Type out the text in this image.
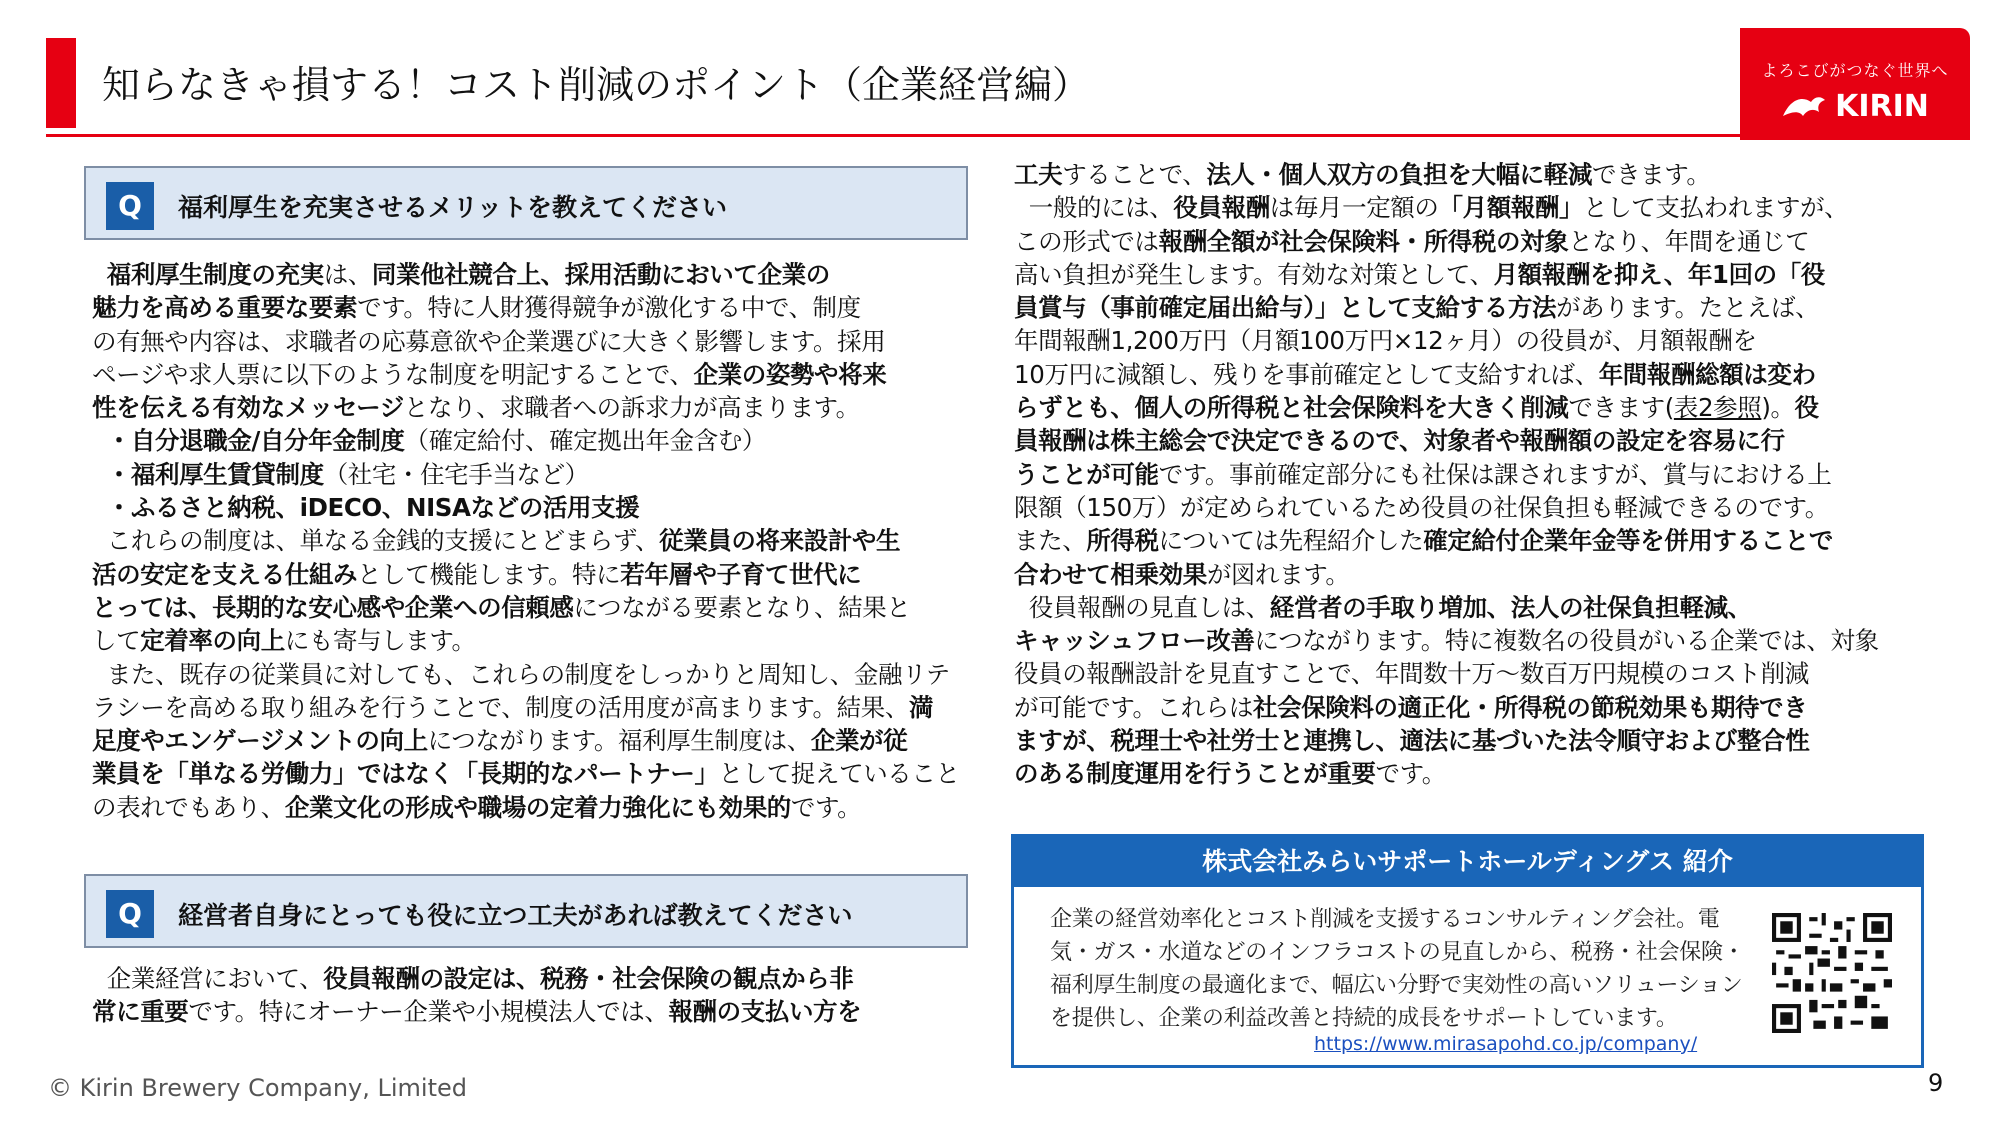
知らなきゃ損する！コスト削減のポイント（企業経営編）	よろこびがつなぐ世界へ
KIRIN
Q	福利厚生を充実させるメリットを教えてください

福利厚生制度の充実は、同業他社競合上、採用活動において企業の

魅力を高める重要な要素です。特に人財獲得競争が激化する中で、制度

の有無や内容は、求職者の応募意欲や企業選びに大きく影響します。採用

ページや求人票に以下のような制度を明記することで、企業の姿勢や将来

性を伝える有効なメッセージとなり、求職者への訴求力が高まります。

・自分退職金/自分年金制度（確定給付、確定拠出年金含む）

・福利厚生賃貸制度（社宅・住宅手当など）

・ふるさと納税、iDECO、NISAなどの活用支援

これらの制度は、単なる金銭的支援にとどまらず、従業員の将来設計や生

活の安定を支える仕組みとして機能します。特に若年層や子育て世代に

とっては、長期的な安心感や企業への信頼感につながる要素となり、結果と

して定着率の向上にも寄与します。

また、既存の従業員に対しても、これらの制度をしっかりと周知し、金融リテ

ラシーを高める取り組みを行うことで、制度の活用度が高まります。結果、満

足度やエンゲージメントの向上につながります。福利厚生制度は、企業が従

業員を「単なる労働力」ではなく「長期的なパートナー」として捉えていること

の表れでもあり、企業文化の形成や職場の定着力強化にも効果的です。

Q	経営者自身にとっても役に立つ工夫があれば教えてください

企業経営において、役員報酬の設定は、税務・社会保険の観点から非

常に重要です。特にオーナー企業や小規模法人では、報酬の支払い方を

工夫することで、法人・個人双方の負担を大幅に軽減できます。

一般的には、役員報酬は毎月一定額の「月額報酬」として支払われますが、

この形式では報酬全額が社会保険料・所得税の対象となり、年間を通じて

高い負担が発生します。有効な対策として、月額報酬を抑え、年1回の「役

員賞与（事前確定届出給与）」として支給する方法があります。たとえば、

年間報酬1,200万円（月額100万円×12ヶ月）の役員が、月額報酬を

10万円に減額し、残りを事前確定として支給すれば、年間報酬総額は変わ

らずとも、個人の所得税と社会保険料を大きく削減できます(表2参照)。役

員報酬は株主総会で決定できるので、対象者や報酬額の設定を容易に行

うことが可能です。事前確定部分にも社保は課されますが、賞与における上

限額（150万）が定められているため役員の社保負担も軽減できるのです。

また、所得税については先程紹介した確定給付企業年金等を併用することで

合わせて相乗効果が図れます。

役員報酬の見直しは、経営者の手取り増加、法人の社保負担軽減、

キャッシュフロー改善につながります。特に複数名の役員がいる企業では、対象

役員の報酬設計を見直すことで、年間数十万～数百万円規模のコスト削減

が可能です。これらは社会保険料の適正化・所得税の節税効果も期待でき

ますが、税理士や社労士と連携し、適法に基づいた法令順守および整合性

のある制度運用を行うことが重要です。

株式会社みらいサポートホールディングス 紹介
企業の経営効率化とコスト削減を支援するコンサルティング会社。電気・ガス・水道などのインフラコストの見直しから、税務・社会保険・福利厚生制度の最適化まで、幅広い分野で実効性の高いソリューションを提供し、企業の利益改善と持続的成長をサポートしています。
https://www.mirasapohd.co.jp/company/
© Kirin Brewery Company, Limited	9
